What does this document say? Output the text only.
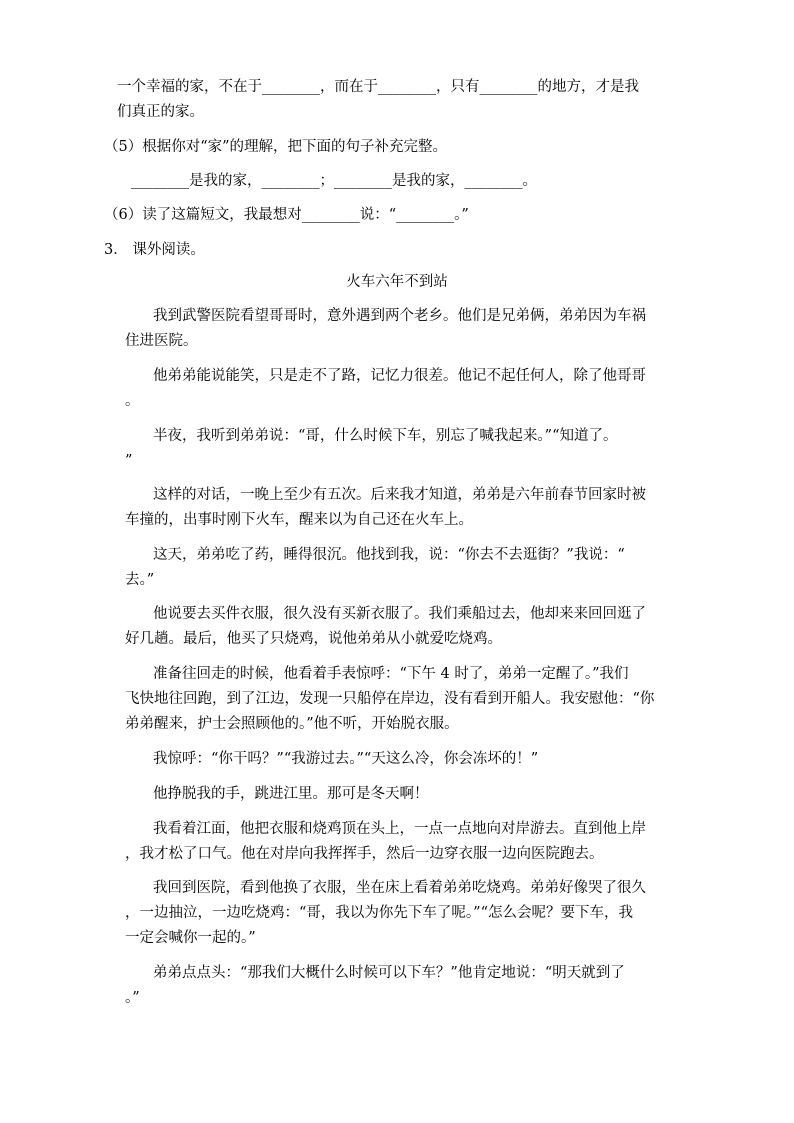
一个幸福的家，不在于________，而在于________，只有________的地方，才是我
们真正的家。
（5）根据你对“家”的理解，把下面的句子补充完整。
________是我的家，________；________是我的家，________。
（6）读了这篇短文，我最想对________说：“________。”
3． 课外阅读。
火车六年不到站
我到武警医院看望哥哥时，意外遇到两个老乡。他们是兄弟俩，弟弟因为车祸
住进医院。
他弟弟能说能笑，只是走不了路，记忆力很差。他记不起任何人，除了他哥哥
。
半夜，我听到弟弟说：“哥，什么时候下车，别忘了喊我起来。”“知道了。
”
这样的对话，一晚上至少有五次。后来我才知道，弟弟是六年前春节回家时被
车撞的，出事时刚下火车，醒来以为自己还在火车上。
这天，弟弟吃了药，睡得很沉。他找到我，说：“你去不去逛街？”我说：“
去。”
他说要去买件衣服，很久没有买新衣服了。我们乘船过去，他却来来回回逛了
好几趟。最后，他买了只烧鸡，说他弟弟从小就爱吃烧鸡。
准备往回走的时候，他看着手表惊呼：“下午 4 时了，弟弟一定醒了。”我们
飞快地往回跑，到了江边，发现一只船停在岸边，没有看到开船人。我安慰他：“你
弟弟醒来，护士会照顾他的。”他不听，开始脱衣服。
我惊呼：“你干吗？”“我游过去。”“天这么冷，你会冻坏的！”
他挣脱我的手，跳进江里。那可是冬天啊！
我看着江面，他把衣服和烧鸡顶在头上，一点一点地向对岸游去。直到他上岸
，我才松了口气。他在对岸向我挥挥手，然后一边穿衣服一边向医院跑去。
我回到医院，看到他换了衣服，坐在床上看着弟弟吃烧鸡。弟弟好像哭了很久
，一边抽泣，一边吃烧鸡：“哥，我以为你先下车了呢。”“怎么会呢？要下车，我
一定会喊你一起的。”
弟弟点点头：“那我们大概什么时候可以下车？”他肯定地说：“明天就到了
。”
